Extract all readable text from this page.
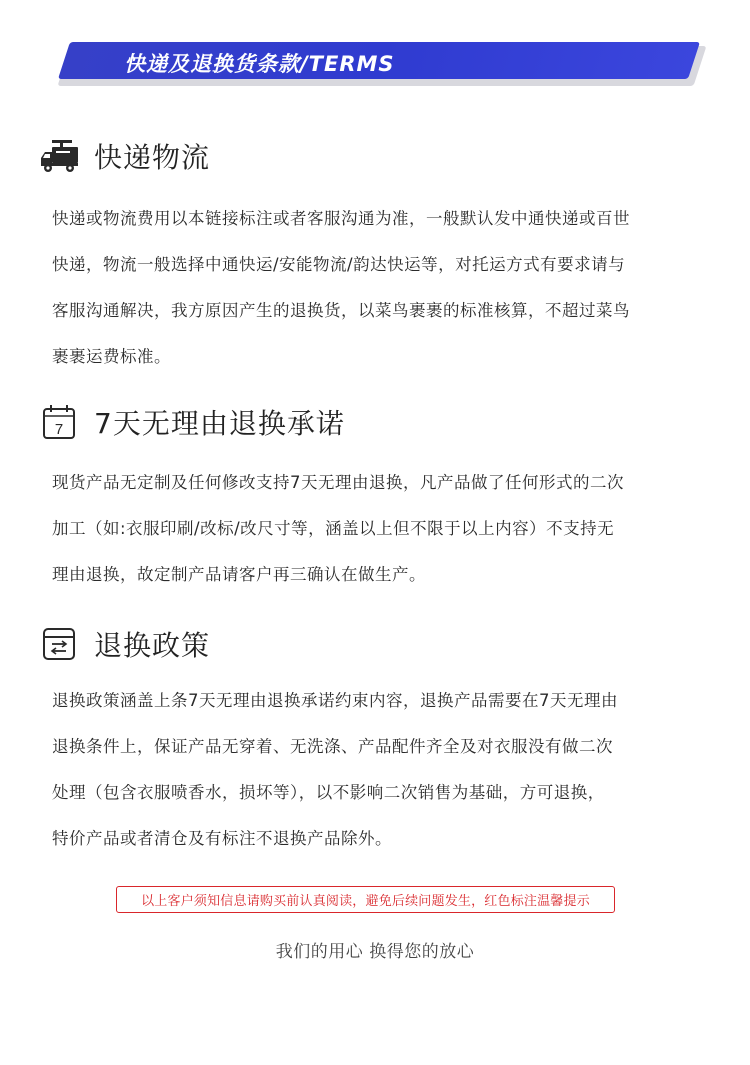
快递及退换货条款/TERMS
快递物流
快递或物流费用以本链接标注或者客服沟通为准，一般默认发中通快递或百世
快递，物流一般选择中通快运/安能物流/韵达快运等，对托运方式有要求请与
客服沟通解决，我方原因产生的退换货，以菜鸟裹裹的标准核算，不超过菜鸟
裹裹运费标准。
7 7天无理由退换承诺
现货产品无定制及任何修改支持7天无理由退换，凡产品做了任何形式的二次
加工（如:衣服印刷/改标/改尺寸等，涵盖以上但不限于以上内容）不支持无
理由退换，故定制产品请客户再三确认在做生产。
退换政策
退换政策涵盖上条7天无理由退换承诺约束内容，退换产品需要在7天无理由
退换条件上，保证产品无穿着、无洗涤、产品配件齐全及对衣服没有做二次
处理（包含衣服喷香水，损坏等），以不影响二次销售为基础，方可退换，
特价产品或者清仓及有标注不退换产品除外。
以上客户须知信息请购买前认真阅读，避免后续问题发生，红色标注温馨提示
我们的用心 换得您的放心
